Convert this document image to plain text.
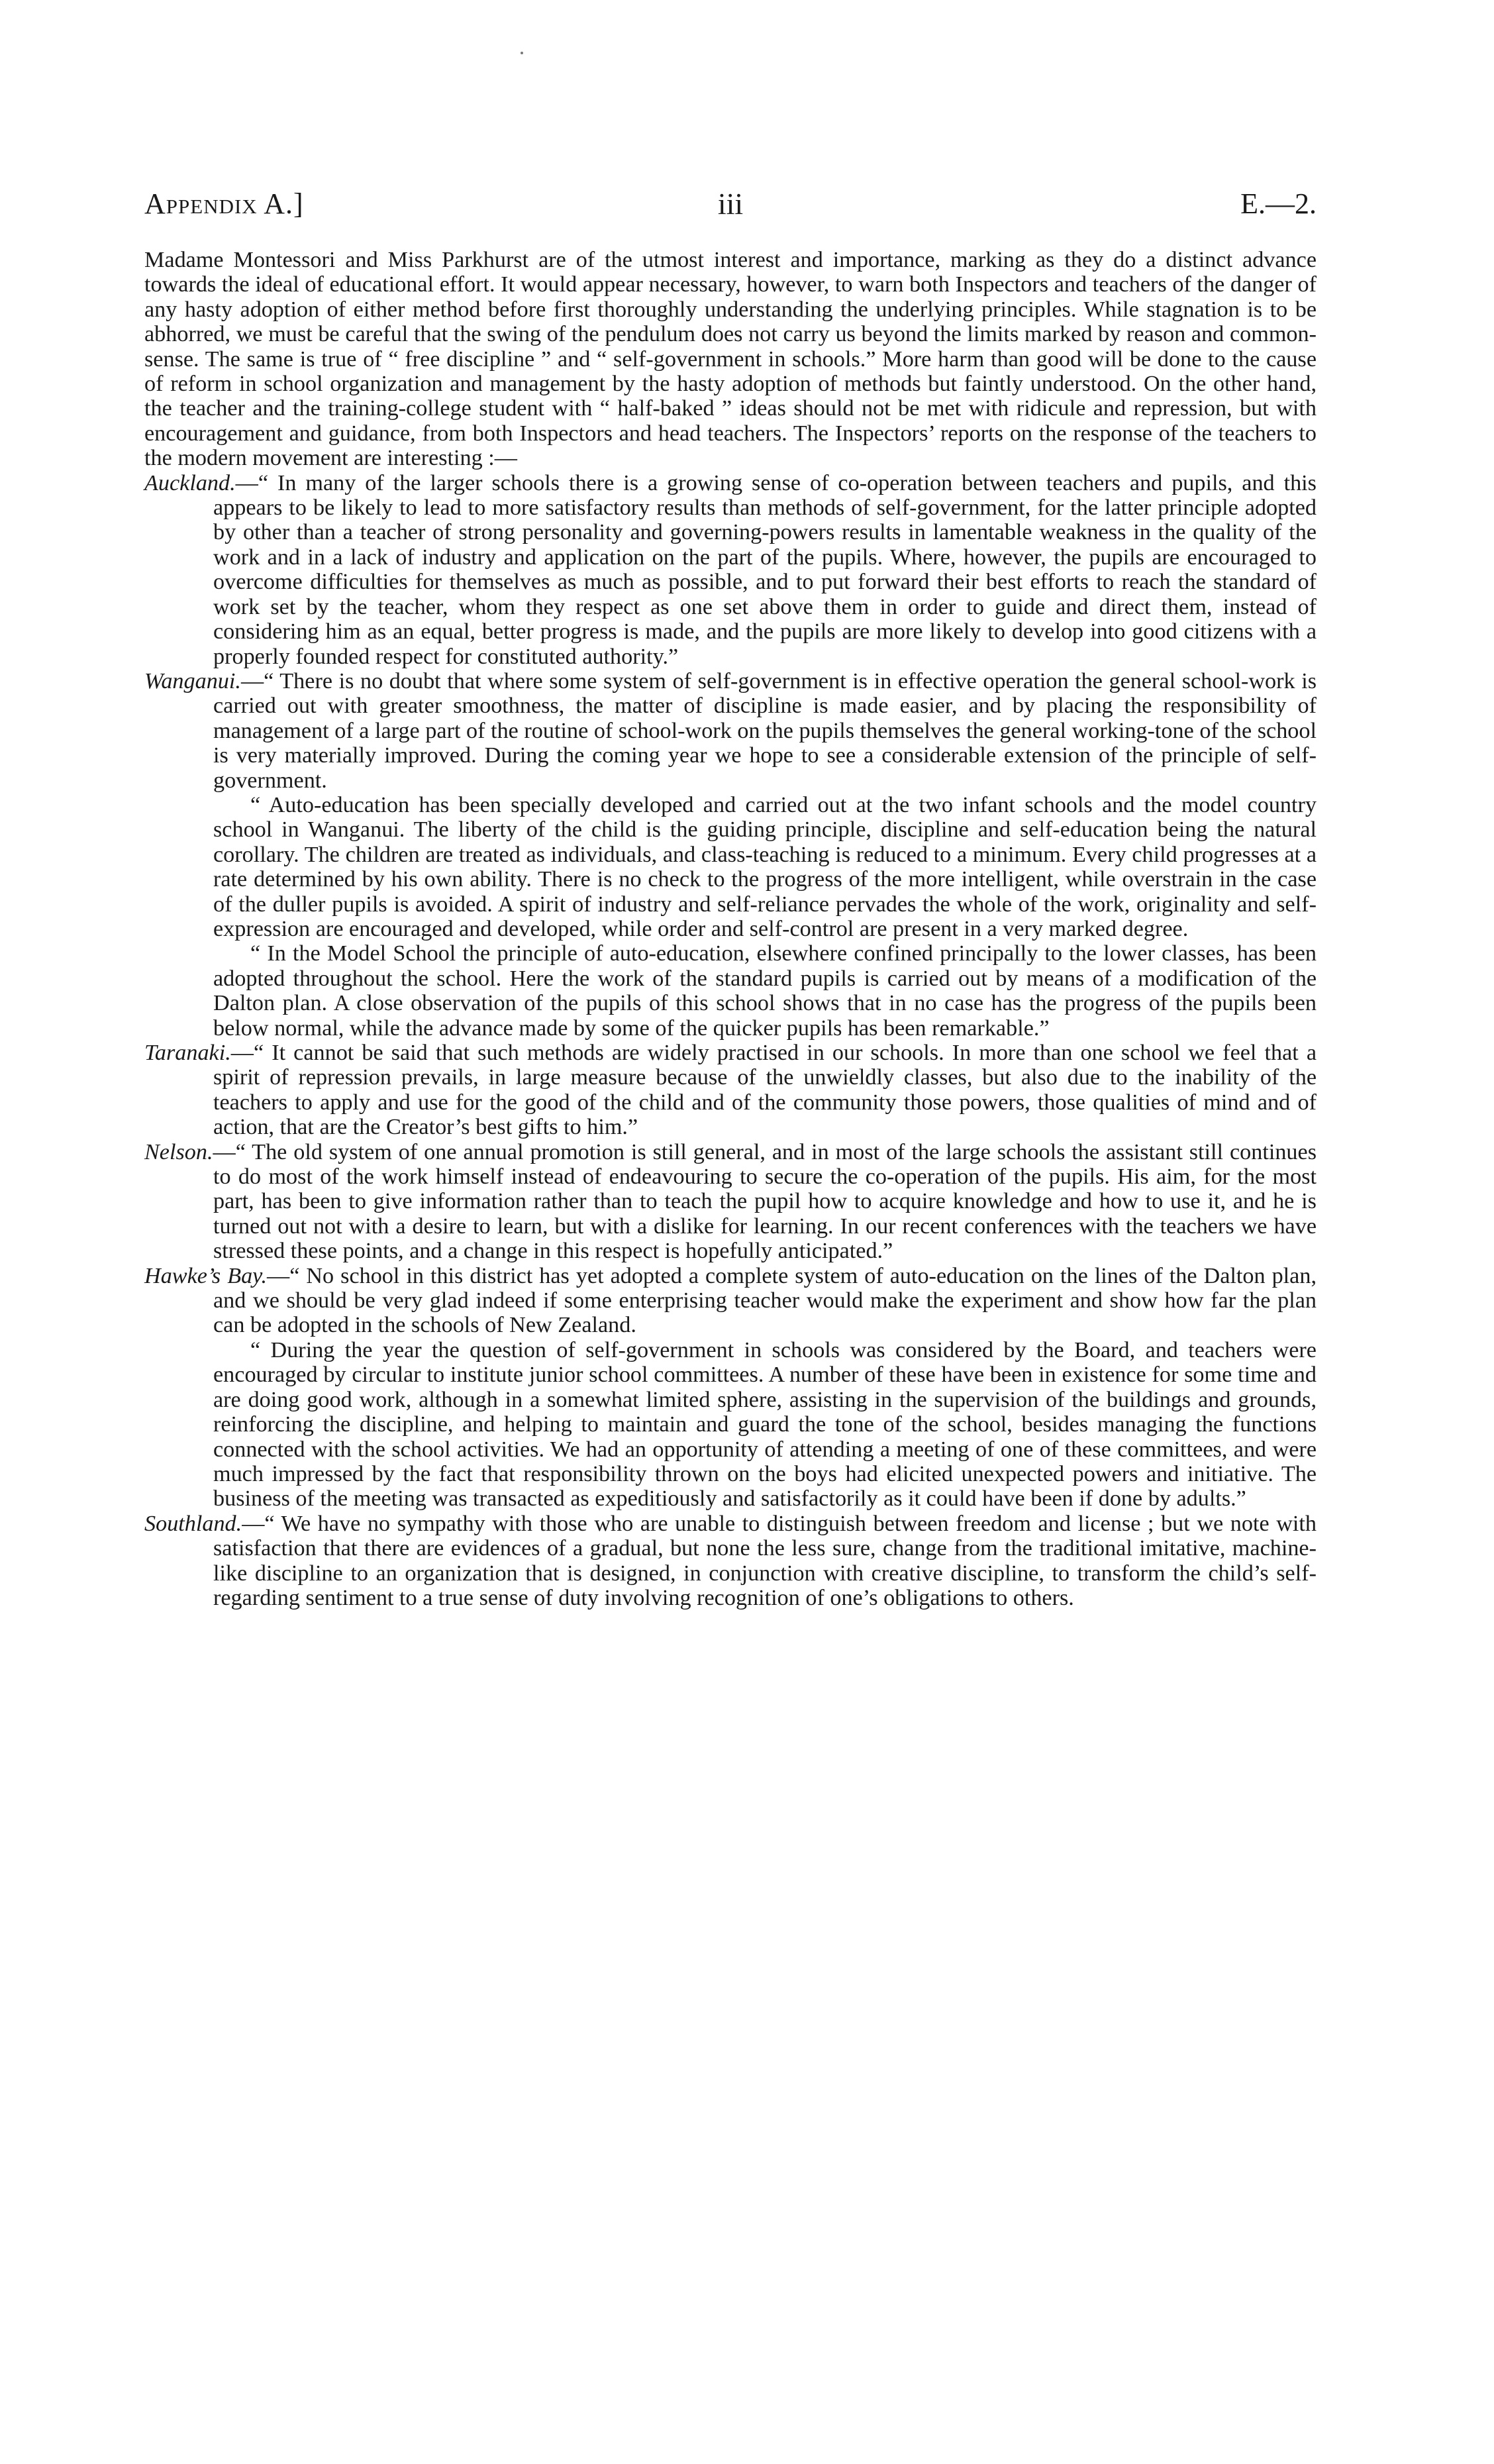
Appendix A.]	iii	E.—2.

Madame Montessori and Miss Parkhurst are of the utmost interest and importance, marking as they do a distinct advance towards the ideal of educational effort. It would appear necessary, however, to warn both Inspectors and teachers of the danger of any hasty adoption of either method before first thoroughly understanding the underlying principles. While stagnation is to be abhorred, we must be careful that the swing of the pendulum does not carry us beyond the limits marked by reason and common-sense. The same is true of “ free discipline ” and “ self-government in schools.” More harm than good will be done to the cause of reform in school organization and management by the hasty adoption of methods but faintly understood. On the other hand, the teacher and the training-college student with “ half-baked ” ideas should not be met with ridicule and repression, but with encouragement and guidance, from both Inspectors and head teachers. The Inspectors’ reports on the response of the teachers to the modern movement are interesting :—

Auckland.—“ In many of the larger schools there is a growing sense of co-operation between teachers and pupils, and this appears to be likely to lead to more satisfactory results than methods of self-government, for the latter principle adopted by other than a teacher of strong personality and governing-powers results in lamentable weakness in the quality of the work and in a lack of industry and application on the part of the pupils. Where, however, the pupils are encouraged to overcome difficulties for themselves as much as possible, and to put forward their best efforts to reach the standard of work set by the teacher, whom they respect as one set above them in order to guide and direct them, instead of considering him as an equal, better progress is made, and the pupils are more likely to develop into good citizens with a properly founded respect for constituted authority.”

Wanganui.—“ There is no doubt that where some system of self-government is in effective operation the general school-work is carried out with greater smoothness, the matter of discipline is made easier, and by placing the responsibility of management of a large part of the routine of school-work on the pupils themselves the general working-tone of the school is very materially improved. During the coming year we hope to see a considerable extension of the principle of self-government.

“ Auto-education has been specially developed and carried out at the two infant schools and the model country school in Wanganui. The liberty of the child is the guiding principle, discipline and self-education being the natural corollary. The children are treated as individuals, and class-teaching is reduced to a minimum. Every child progresses at a rate determined by his own ability. There is no check to the progress of the more intelligent, while overstrain in the case of the duller pupils is avoided. A spirit of industry and self-reliance pervades the whole of the work, originality and self-expression are encouraged and developed, while order and self-control are present in a very marked degree.

“ In the Model School the principle of auto-education, elsewhere confined principally to the lower classes, has been adopted throughout the school. Here the work of the standard pupils is carried out by means of a modification of the Dalton plan. A close observation of the pupils of this school shows that in no case has the progress of the pupils been below normal, while the advance made by some of the quicker pupils has been remarkable.”

Taranaki.—“ It cannot be said that such methods are widely practised in our schools. In more than one school we feel that a spirit of repression prevails, in large measure because of the unwieldly classes, but also due to the inability of the teachers to apply and use for the good of the child and of the community those powers, those qualities of mind and of action, that are the Creator’s best gifts to him.”

Nelson.—“ The old system of one annual promotion is still general, and in most of the large schools the assistant still continues to do most of the work himself instead of endeavouring to secure the co-operation of the pupils. His aim, for the most part, has been to give information rather than to teach the pupil how to acquire knowledge and how to use it, and he is turned out not with a desire to learn, but with a dislike for learning. In our recent conferences with the teachers we have stressed these points, and a change in this respect is hopefully anticipated.”

Hawke’s Bay.—“ No school in this district has yet adopted a complete system of auto-education on the lines of the Dalton plan, and we should be very glad indeed if some enterprising teacher would make the experiment and show how far the plan can be adopted in the schools of New Zealand.

“ During the year the question of self-government in schools was considered by the Board, and teachers were encouraged by circular to institute junior school committees. A number of these have been in existence for some time and are doing good work, although in a somewhat limited sphere, assisting in the supervision of the buildings and grounds, reinforcing the discipline, and helping to maintain and guard the tone of the school, besides managing the functions connected with the school activities. We had an opportunity of attending a meeting of one of these committees, and were much impressed by the fact that responsibility thrown on the boys had elicited unexpected powers and initiative. The business of the meeting was transacted as expeditiously and satisfactorily as it could have been if done by adults.”

Southland.—“ We have no sympathy with those who are unable to distinguish between freedom and license ; but we note with satisfaction that there are evidences of a gradual, but none the less sure, change from the traditional imitative, machine-like discipline to an organization that is designed, in conjunction with creative discipline, to transform the child’s self-regarding sentiment to a true sense of duty involving recognition of one’s obligations to others.
